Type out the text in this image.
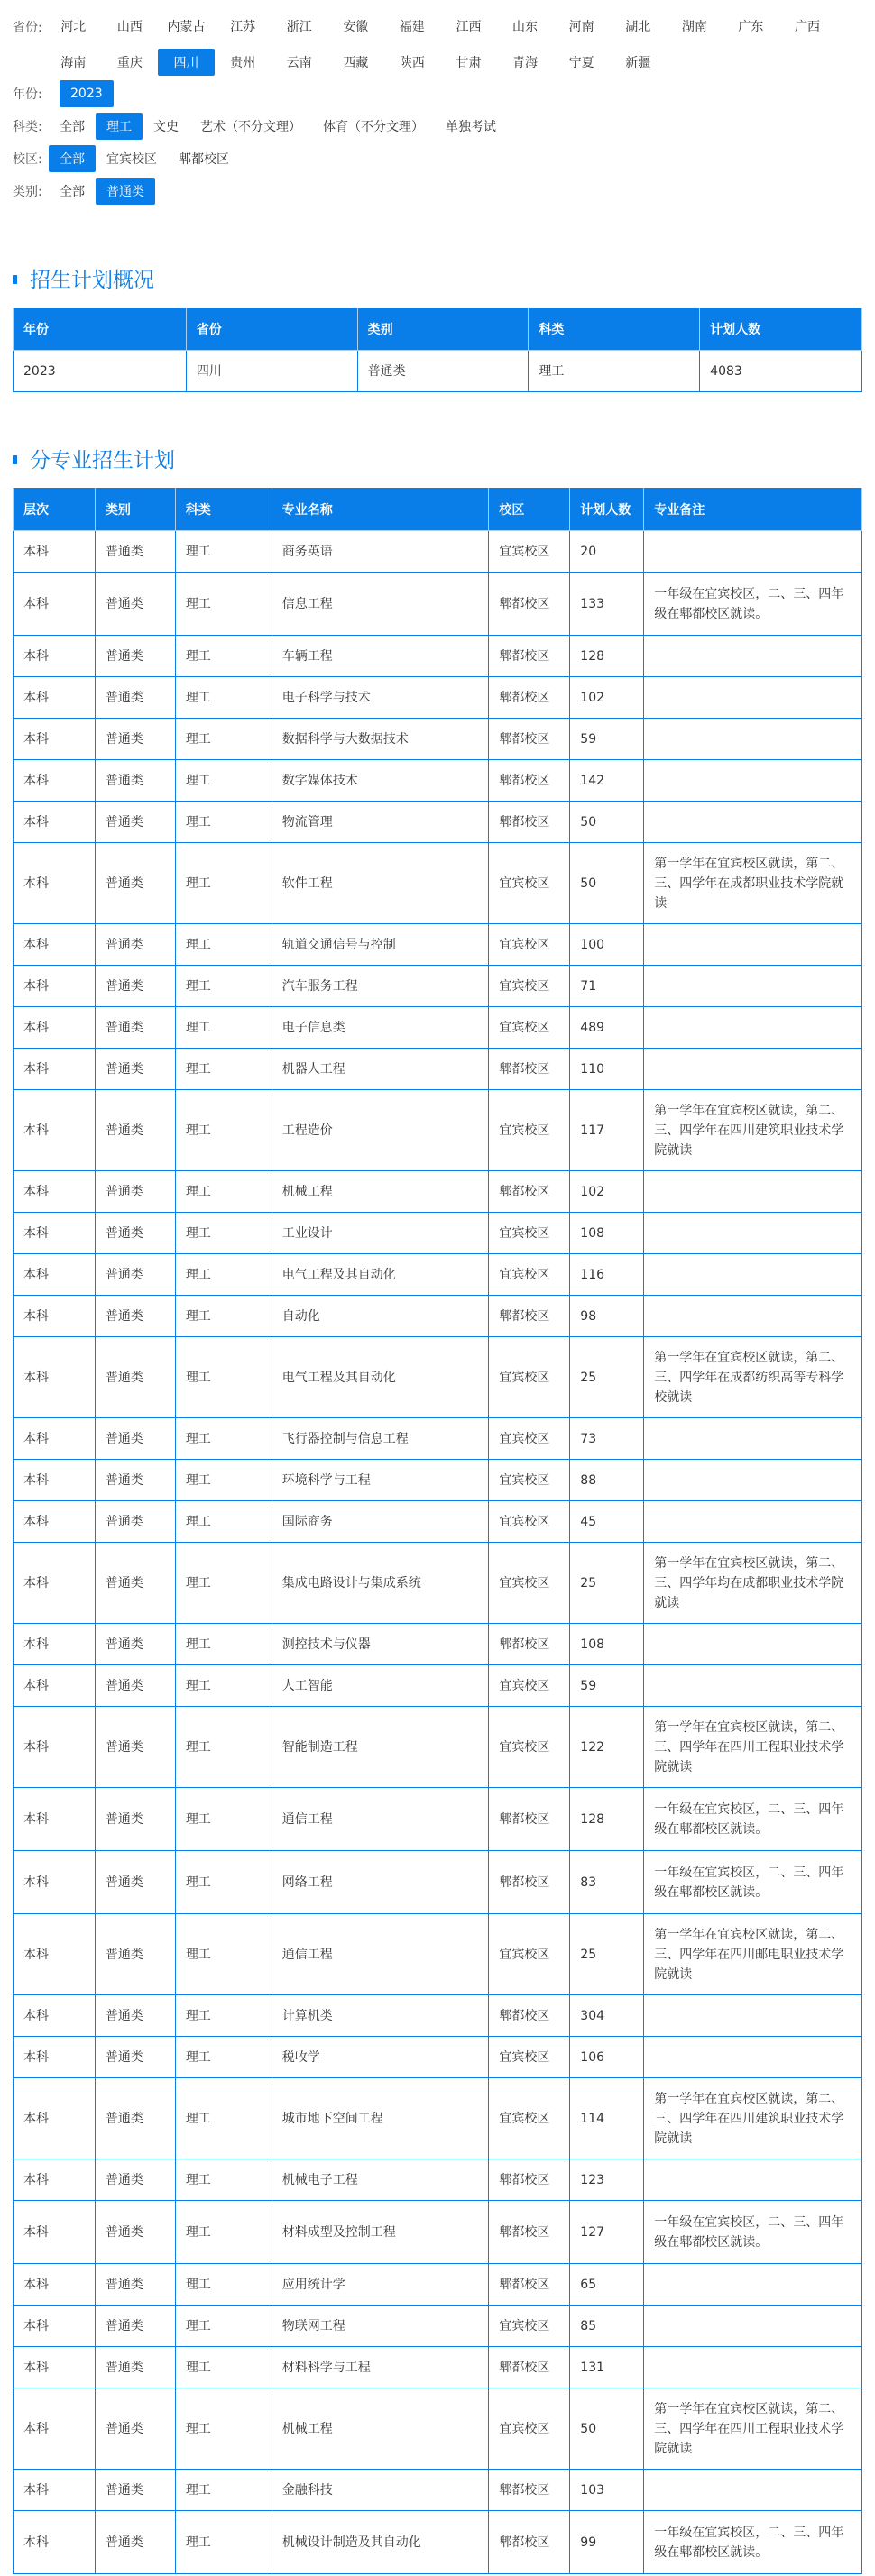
省份:	河北	山西	内蒙古	江苏	浙江	安徽	福建	江西	山东	河南	湖北	湖南	广东	广西
海南	重庆	四川	贵州	云南	西藏	陕西	甘肃	青海	宁夏	新疆
年份:	2023
科类:	全部	理工	文史	艺术（不分文理）	体育（不分文理）	单独考试
校区:	全部	宜宾校区	郫都校区
类别:	全部	普通类
招生计划概况
年份	省份	类别	科类	计划人数
2023	四川	普通类	理工	4083
分专业招生计划
层次	类别	科类	专业名称	校区	计划人数	专业备注
本科	普通类	理工	商务英语	宜宾校区	20	
本科	普通类	理工	信息工程	郫都校区	133	一年级在宜宾校区，二、三、四年级在郫都校区就读。
本科	普通类	理工	车辆工程	郫都校区	128	
本科	普通类	理工	电子科学与技术	郫都校区	102	
本科	普通类	理工	数据科学与大数据技术	郫都校区	59	
本科	普通类	理工	数字媒体技术	郫都校区	142	
本科	普通类	理工	物流管理	郫都校区	50	
本科	普通类	理工	软件工程	宜宾校区	50	第一学年在宜宾校区就读，第二、三、四学年在成都职业技术学院就读
本科	普通类	理工	轨道交通信号与控制	宜宾校区	100	
本科	普通类	理工	汽车服务工程	宜宾校区	71	
本科	普通类	理工	电子信息类	宜宾校区	489	
本科	普通类	理工	机器人工程	郫都校区	110	
本科	普通类	理工	工程造价	宜宾校区	117	第一学年在宜宾校区就读，第二、三、四学年在四川建筑职业技术学院就读
本科	普通类	理工	机械工程	郫都校区	102	
本科	普通类	理工	工业设计	宜宾校区	108	
本科	普通类	理工	电气工程及其自动化	宜宾校区	116	
本科	普通类	理工	自动化	郫都校区	98	
本科	普通类	理工	电气工程及其自动化	宜宾校区	25	第一学年在宜宾校区就读，第二、三、四学年在成都纺织高等专科学校就读
本科	普通类	理工	飞行器控制与信息工程	宜宾校区	73	
本科	普通类	理工	环境科学与工程	宜宾校区	88	
本科	普通类	理工	国际商务	宜宾校区	45	
本科	普通类	理工	集成电路设计与集成系统	宜宾校区	25	第一学年在宜宾校区就读，第二、三、四学年均在成都职业技术学院就读
本科	普通类	理工	测控技术与仪器	郫都校区	108	
本科	普通类	理工	人工智能	宜宾校区	59	
本科	普通类	理工	智能制造工程	宜宾校区	122	第一学年在宜宾校区就读，第二、三、四学年在四川工程职业技术学院就读
本科	普通类	理工	通信工程	郫都校区	128	一年级在宜宾校区，二、三、四年级在郫都校区就读。
本科	普通类	理工	网络工程	郫都校区	83	一年级在宜宾校区，二、三、四年级在郫都校区就读。
本科	普通类	理工	通信工程	宜宾校区	25	第一学年在宜宾校区就读，第二、三、四学年在四川邮电职业技术学院就读
本科	普通类	理工	计算机类	郫都校区	304	
本科	普通类	理工	税收学	宜宾校区	106	
本科	普通类	理工	城市地下空间工程	宜宾校区	114	第一学年在宜宾校区就读，第二、三、四学年在四川建筑职业技术学院就读
本科	普通类	理工	机械电子工程	郫都校区	123	
本科	普通类	理工	材料成型及控制工程	郫都校区	127	一年级在宜宾校区，二、三、四年级在郫都校区就读。
本科	普通类	理工	应用统计学	郫都校区	65	
本科	普通类	理工	物联网工程	宜宾校区	85	
本科	普通类	理工	材料科学与工程	郫都校区	131	
本科	普通类	理工	机械工程	宜宾校区	50	第一学年在宜宾校区就读，第二、三、四学年在四川工程职业技术学院就读
本科	普通类	理工	金融科技	郫都校区	103	
本科	普通类	理工	机械设计制造及其自动化	郫都校区	99	一年级在宜宾校区，二、三、四年级在郫都校区就读。
